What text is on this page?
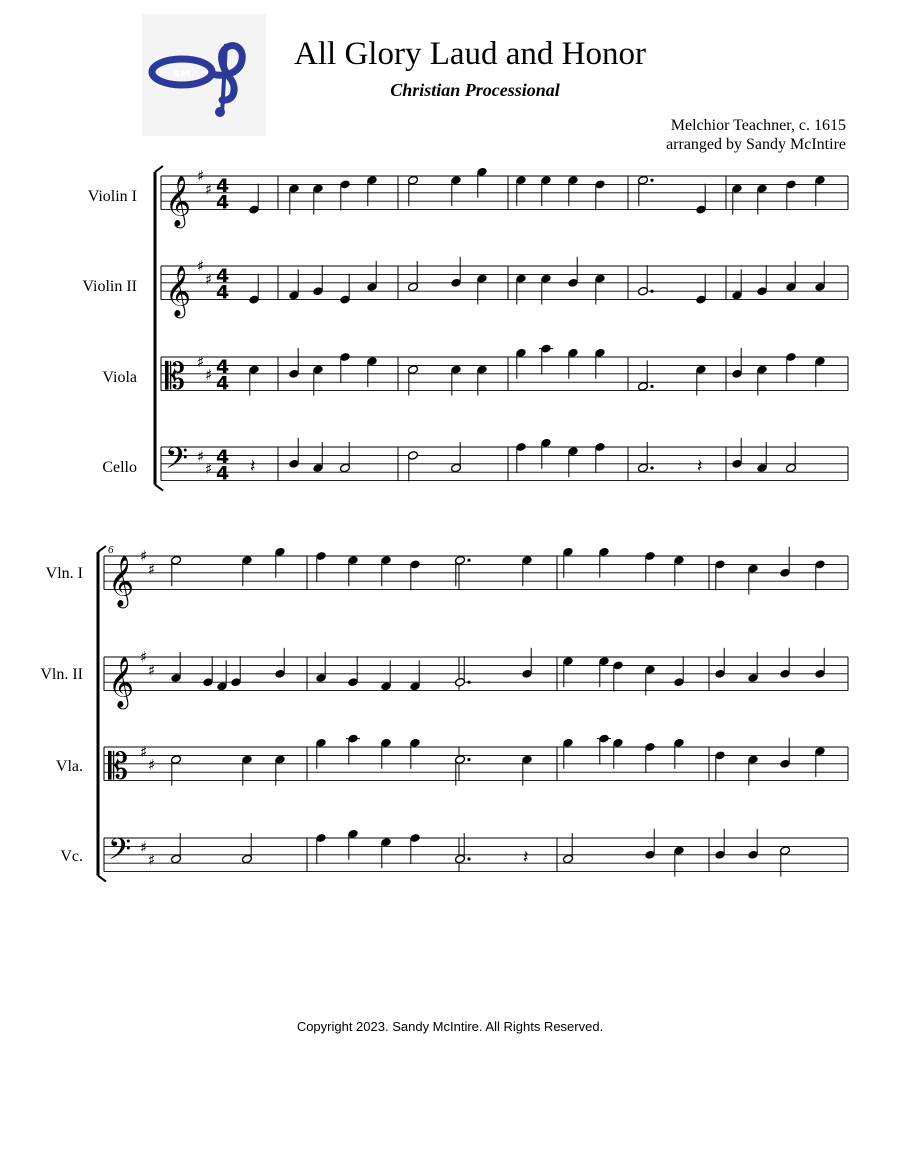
SM
All Glory Laud and Honor
Christian Processional
Melchior Teachner, c. 1615
arranged by Sandy McIntire
Violin I
Violin II
Viola
Cello
Vln. I
Vln. II
Vla.
Vc.
6
𝄞 ♯
♯ 4
4
𝄞 ♯
♯ 4
4
𝄡 ♯
♯ 4
4
𝄢 ♯
♯
4
4
𝄞 ♯
♯
𝄞 ♯
♯
𝄡 ♯
♯
𝄢 ♯
♯
𝄽	𝄽
𝄽
Copyright 2023. Sandy McIntire. All Rights Reserved.
